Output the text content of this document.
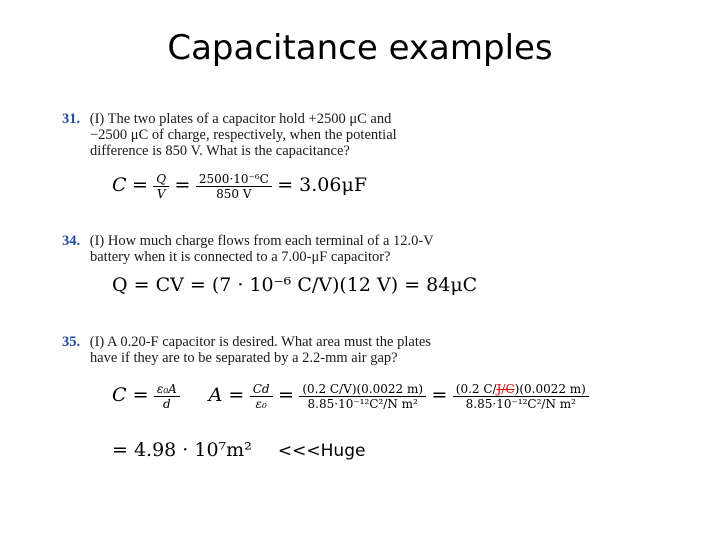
Capacitance examples
31. (I) The two plates of a capacitor hold +2500 μC and
−2500 μC of charge, respectively, when the potential
difference is 850 V. What is the capacitance?
$C = \frac{Q}{V} = \frac{\text{2500·10⁻⁶C}}{850 V} = 3.06\mu F$
34. (I) How much charge flows from each terminal of a 12.0-V
battery when it is connected to a 7.00-μF capacitor?
Q = CV = (7 · 10⁻⁶ C/V)(12 V) = 84μC
35. (I) A 0.20-F capacitor is desired. What area must the plates
have if they are to be separated by a 2.2-mm air gap?
$C = \frac{\text{ε₀A}}{d}$ $A = \frac{Cd}{\text{ε₀}} = \frac{(0.2 C/V)(0.0022 m)}{\text{8.85·10⁻¹²C²/N m²}} = \frac{(0.2 C/J/C)(0.0022 m)}{\text{8.85·10⁻¹²C²/N m²}}$
= 4.98 · 10⁷m² <<<Huge
